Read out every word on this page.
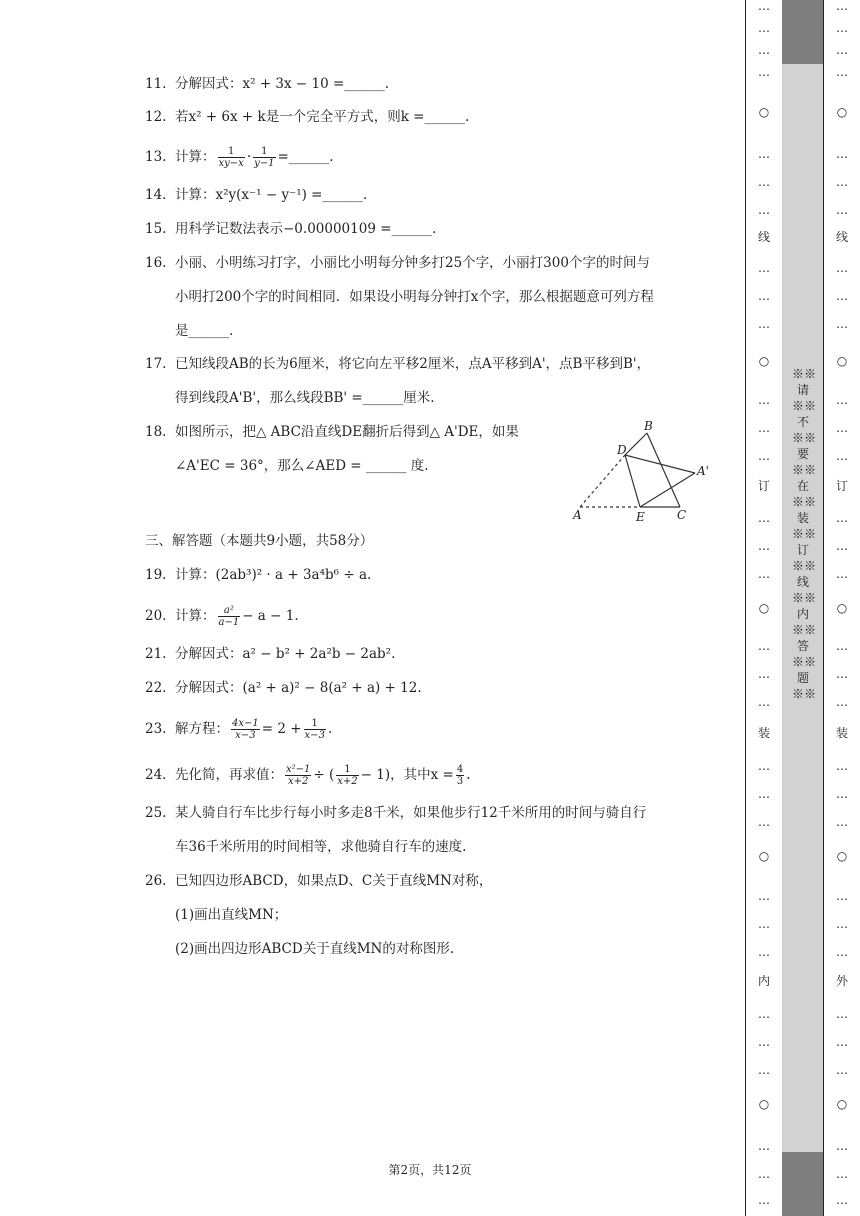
11. 分解因式：x² + 3x − 10 =______.
12. 若x² + 6x + k是一个完全平方式，则k =______.
13. 计算： $\frac{1}{xy-x} \cdot \frac{1}{y-1}$ =______.
14. 计算：x²y(x⁻¹ − y⁻¹) =______.
15. 用科学记数法表示−0.00000109 =______.
16. 小丽、小明练习打字，小丽比小明每分钟多打25个字，小丽打300个字的时间与
小明打200个字的时间相同．如果设小明每分钟打x个字，那么根据题意可列方程
是______.
17. 已知线段AB的长为6厘米，将它向左平移2厘米，点A平移到A'，点B平移到B'，
得到线段A'B'，那么线段BB' =______厘米.
18. 如图所示，把△ ABC沿直线DE翻折后得到△ A'DE，如果
∠A'EC = 36°，那么∠AED = ______ 度.
B
D
A'
A	E	C
三、解答题（本题共9小题，共58分）
19. 计算：(2ab³)² · a + 3a⁴b⁶ ÷ a.
20. 计算： $\frac{\text{a²}}{a-1} - a - 1$.
21. 分解因式：a² − b² + 2a²b − 2ab².
22. 分解因式：(a² + a)² − 8(a² + a) + 12.
23. 解方程： $\frac{4x-1}{x-3} = 2 + \frac{1}{x-3}$ .
24. 先化简，再求值： $\frac{\text{x²−1}}{x+2}$ ÷ ( $\frac{1}{x+2} - 1$)，其中$x = \frac{4}{3}$ .
25. 某人骑自行车比步行每小时多走8千米，如果他步行12千米所用的时间与骑自行
车36千米所用的时间相等，求他骑自行车的速度.
26. 已知四边形ABCD，如果点D、C关于直线MN对称，
(1)画出直线MN；
(2)画出四边形ABCD关于直线MN的对称图形.
第2页，共12页
…
…
…
…
○
…
…
…
线
…
…
…
○
…
…
…
订
…
…
…
○
…
…
…
装
…
…
…
○
…
…
…
内
…
…
…
○
…
…
…
…
…
…
…
○
…
…
…
线
…
…
…
○
…
…
…
订
…
…
…
○
…
…
…
装
…
…
…
○
…
…
…
外
…
…
…
○
…
…
…
※※请※※不※※要※※在※※装※※订※※线※※内※※答※※题※※
